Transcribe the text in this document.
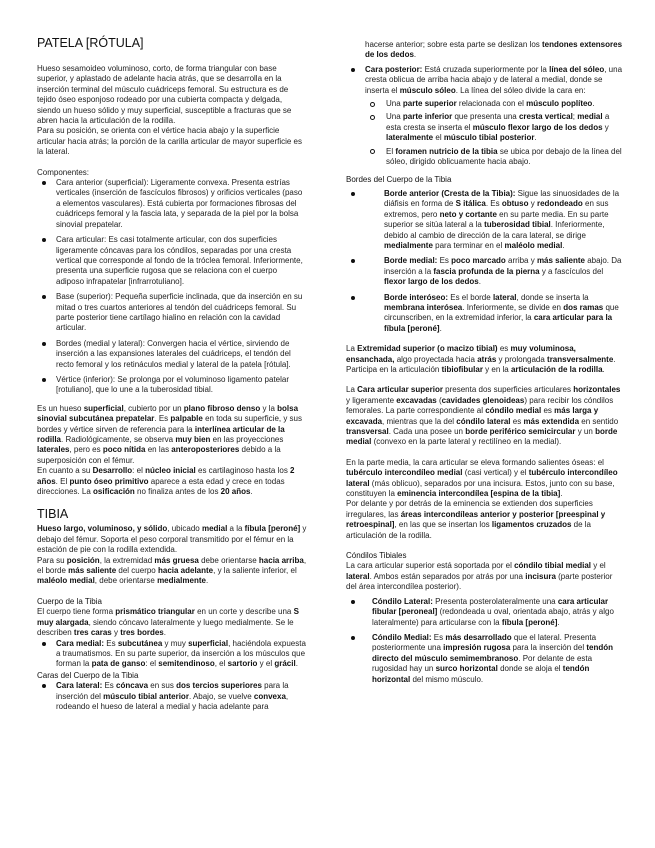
PATELA [RÓTULA]

Hueso sesamoideo voluminoso, corto, de forma triangular con base superior, y aplastado de adelante hacia atrás, que se desarrolla en la inserción terminal del músculo cuádriceps femoral. Su estructura es de tejido óseo esponjoso rodeado por una cubierta compacta y delgada, siendo un hueso sólido y muy superficial, susceptible a fracturas que se abren hacia la articulación de la rodilla.

Para su posición, se orienta con el vértice hacia abajo y la superficie articular hacia atrás; la porción de la carilla articular de mayor superficie es la lateral.

Componentes:

Cara anterior (superficial): Ligeramente convexa. Presenta estrías verticales (inserción de fascículos fibrosos) y orificios verticales (paso a elementos vasculares). Está cubierta por formaciones fibrosas del cuádriceps femoral y la fascia lata, y separada de la piel por la bolsa sinovial prepatelar.
Cara articular: Es casi totalmente articular, con dos superficies ligeramente cóncavas para los cóndilos, separadas por una cresta vertical que corresponde al fondo de la tróclea femoral. Inferiormente, presenta una superficie rugosa que se relaciona con el cuerpo adiposo infrapatelar [infrarrotuliano].
Base (superior): Pequeña superficie inclinada, que da inserción en su mitad o tres cuartos anteriores al tendón del cuádriceps femoral. Su parte posterior tiene cartílago hialino en relación con la cavidad articular.
Bordes (medial y lateral): Convergen hacia el vértice, sirviendo de inserción a las expansiones laterales del cuádriceps, el tendón del recto femoral y los retináculos medial y lateral de la patela [rótula].
Vértice (inferior): Se prolonga por el voluminoso ligamento patelar [rotuliano], que lo une a la tuberosidad tibial.

Es un hueso superficial, cubierto por un plano fibroso denso y la bolsa sinovial subcutánea prepatelar. Es palpable en toda su superficie, y sus bordes y vértice sirven de referencia para la interlínea articular de la rodilla. Radiológicamente, se observa muy bien en las proyecciones laterales, pero es poco nítida en las anteroposteriores debido a la superposición con el fémur.

En cuanto a su Desarrollo: el núcleo inicial es cartilaginoso hasta los 2 años. El punto óseo primitivo aparece a esta edad y crece en todas direcciones. La osificación no finaliza antes de los 20 años.

TIBIA

Hueso largo, voluminoso, y sólido, ubicado medial a la fíbula [peroné] y debajo del fémur. Soporta el peso corporal transmitido por el fémur en la estación de pie con la rodilla extendida.

Para su posición, la extremidad más gruesa debe orientarse hacia arriba, el borde más saliente del cuerpo hacia adelante, y la saliente inferior, el maléolo medial, debe orientarse medialmente.

Cuerpo de la Tibia

El cuerpo tiene forma prismático triangular en un corte y describe una S muy alargada, siendo cóncavo lateralmente y luego medialmente. Se le describen tres caras y tres bordes.

Cara medial: Es subcutánea y muy superficial, haciéndola expuesta a traumatismos. En su parte superior, da inserción a los músculos que forman la pata de ganso: el semitendinoso, el sartorio y el grácil.

Caras del Cuerpo de la Tibia

Cara lateral: Es cóncava en sus dos tercios superiores para la inserción del músculo tibial anterior. Abajo, se vuelve convexa, rodeando el hueso de lateral a medial y hacia adelante para

hacerse anterior; sobre esta parte se deslizan los tendones extensores de los dedos.

Cara posterior: Está cruzada superiormente por la línea del sóleo, una cresta oblicua de arriba hacia abajo y de lateral a medial, donde se inserta el músculo sóleo. La línea del sóleo divide la cara en:
Una parte superior relacionada con el músculo poplíteo.
Una parte inferior que presenta una cresta vertical; medial a esta cresta se inserta el músculo flexor largo de los dedos y lateralmente el músculo tibial posterior.
El foramen nutricio de la tibia se ubica por debajo de la línea del sóleo, dirigido oblicuamente hacia abajo.

Bordes del Cuerpo de la Tibia

Borde anterior (Cresta de la Tibia): Sigue las sinuosidades de la diáfisis en forma de S itálica. Es obtuso y redondeado en sus extremos, pero neto y cortante en su parte media. En su parte superior se sitúa lateral a la tuberosidad tibial. Inferiormente, debido al cambio de dirección de la cara lateral, se dirige medialmente para terminar en el maléolo medial.
Borde medial: Es poco marcado arriba y más saliente abajo. Da inserción a la fascia profunda de la pierna y a fascículos del flexor largo de los dedos.
Borde interóseo: Es el borde lateral, donde se inserta la membrana interósea. Inferiormente, se divide en dos ramas que circunscriben, en la extremidad inferior, la cara articular para la fíbula [peroné].

La Extremidad superior (o macizo tibial) es muy voluminosa, ensanchada, algo proyectada hacia atrás y prolongada transversalmente. Participa en la articulación tibiofibular y en la articulación de la rodilla.

La Cara articular superior presenta dos superficies articulares horizontales y ligeramente excavadas (cavidades glenoideas) para recibir los cóndilos femorales. La parte correspondiente al cóndilo medial es más larga y excavada, mientras que la del cóndilo lateral es más extendida en sentido transversal. Cada una posee un borde periférico semicircular y un borde medial (convexo en la parte lateral y rectilíneo en la medial).

En la parte media, la cara articular se eleva formando salientes óseas: el tubérculo intercondíleo medial (casi vertical) y el tubérculo intercondíleo lateral (más oblicuo), separados por una incisura. Estos, junto con su base, constituyen la eminencia intercondílea [espina de la tibia].

Por delante y por detrás de la eminencia se extienden dos superficies irregulares, las áreas intercondíleas anterior y posterior [preespinal y retroespinal], en las que se insertan los ligamentos cruzados de la articulación de la rodilla.

Cóndilos Tibiales

La cara articular superior está soportada por el cóndilo tibial medial y el lateral. Ambos están separados por atrás por una incisura (parte posterior del área intercondílea posterior).

Cóndilo Lateral: Presenta posterolateralmente una cara articular fibular [peroneal] (redondeada u oval, orientada abajo, atrás y algo lateralmente) para articularse con la fíbula [peroné].
Cóndilo Medial: Es más desarrollado que el lateral. Presenta posteriormente una impresión rugosa para la inserción del tendón directo del músculo semimembranoso. Por delante de esta rugosidad hay un surco horizontal donde se aloja el tendón horizontal del mismo músculo.
